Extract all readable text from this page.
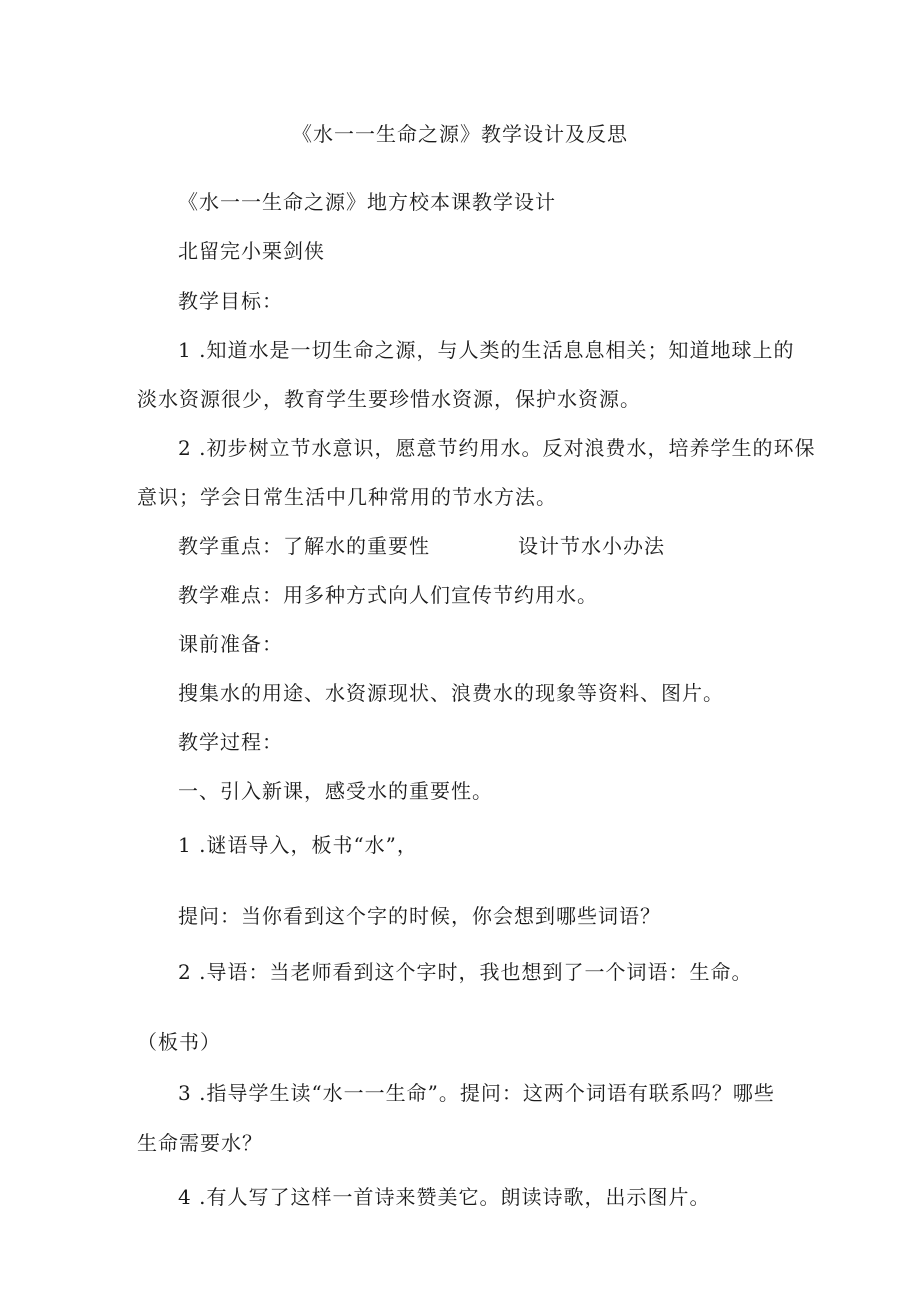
《水一一生命之源》教学设计及反思
《水一一生命之源》地方校本课教学设计
北留完小栗剑侠
教学目标：
1 .知道水是一切生命之源，与人类的生活息息相关；知道地球上的
淡水资源很少，教育学生要珍惜水资源，保护水资源。
2 .初步树立节水意识，愿意节约用水。反对浪费水，培养学生的环保
意识；学会日常生活中几种常用的节水方法。
教学重点：了解水的重要性	设计节水小办法
教学难点：用多种方式向人们宣传节约用水。
课前准备：
搜集水的用途、水资源现状、浪费水的现象等资料、图片。
教学过程：
一、引入新课，感受水的重要性。
1 .谜语导入，板书“水”，
提问：当你看到这个字的时候，你会想到哪些词语？
2 .导语：当老师看到这个字时，我也想到了一个词语：生命。
（板书）
3 .指导学生读“水一一生命”。提问：这两个词语有联系吗？哪些
生命需要水？
4 .有人写了这样一首诗来赞美它。朗读诗歌，出示图片。
